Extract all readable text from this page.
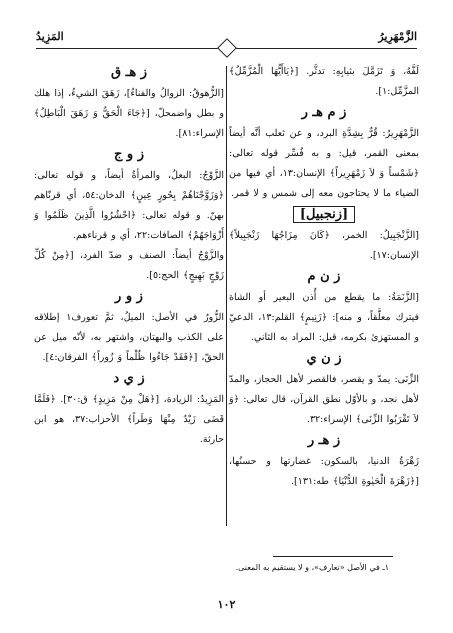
الزَّمْهَرِيرُ
المَزِيدُ

لَفَّهُ، وَ تَزَمَّلَ بثيابِهِ: تدثَّر. [﴿يَاأَيُّهَا الْمُزَّمِّلُ﴾ المزَّمِّل:١].

ز م هـ ر

الزَّمْهَرِيرُ: قُرٌّ بِشِدَّةِ البرد، و عن ثعلب أنَّه أيضاً بمعنى القمر، قيل: و به فُسِّر قوله تعالى: ﴿شَمْساً وَ لاَ زَمْهَرِيراً﴾ الإنسان:١٣، أي فيها من الضياء ما لا يحتاجون معه إلى شمس و لا قمر.

[زنجبيل]

[الزَّنْجَبِيلُ: الخمر، ﴿كَانَ مِزَاجُهَا زَنْجَبِيلاً﴾ الإنسان:١٧].

ز ن م

[الزَّنَمَةُ: ما يقطع من أُذن البعير أو الشاة فيترك معلَّقاً، و منه]: ﴿زَنِيمٍ﴾ القلم:١٣، الدعيّ و المستهزئ بكرمه، قيل: المراد به الثاني.

ز ن ي

الزِّنَى: يمدّ و يقصر، فالقصر لأهل الحجاز، والمدّ لأهل نجد، و بالأوّل نطق القرآن، قال تعالى: ﴿وَ لاَ تَقْرَبُوا الزِّنَى﴾ الإسراء:٣٢.

ز هـ ر

زَهْرَةُ الدنيا، بالسكون: غضارتها و حسنُها، [﴿زَهْرَةَ الْحَيٰوةِ الدُّنْيَا﴾ طه:١٣١].

ز هـ ق

[الزُّهوقُ: الزوالُ والفناءُ]، زَهَقَ الشيءُ، إذا هلك و بطل واضمحلّ، [﴿جَاءَ الْحَقُّ وَ زَهَقَ الْبَاطِلُ﴾ الإسراء:٨١].

ز و ج

الزَّوْجُ: البعلُ، والمرأةُ أيضاً، و قوله تعالى: ﴿وَزَوَّجْنَاهُمْ بِحُورٍ عِينٍ﴾ الدخان:٥٤، أي قرنّاهم بهنّ. و قوله تعالى: ﴿احْشُرُوا الَّذِينَ ظَلَمُوا وَ أَزْوَاجَهُمْ﴾ الصافات:٢٢، أي و قرناءهم.

والزَّوْجُ أيضاً: الصنف و ضدّ الفرد، [﴿مِنْ كُلِّ زَوْجٍ بَهِيجٍ﴾ الحج:٥].

ز و ر

الزُّورُ في الأصل: الميلُ، ثمَّ تعورف١ إطلاقه على الكذب والبهتان، واشتهر به، لأنّه ميل عن الحقّ، [﴿فَقَدْ جَاءُوا ظُلْماً وَ زُوراً﴾ الفرقان:٤].

ز ي د

المَزِيدُ: الزيادة، [﴿هَلْ مِنْ مَزِيدٍ﴾ ق:٣٠]. ﴿فَلَمَّا قَضَى زَيْدٌ مِنْهَا وَطَراً﴾ الأحزاب:٣٧، هو ابن حارثة.

١ـ في الأصل «تعارف»، و لا يستقيم به المعنى.

١٠٢
